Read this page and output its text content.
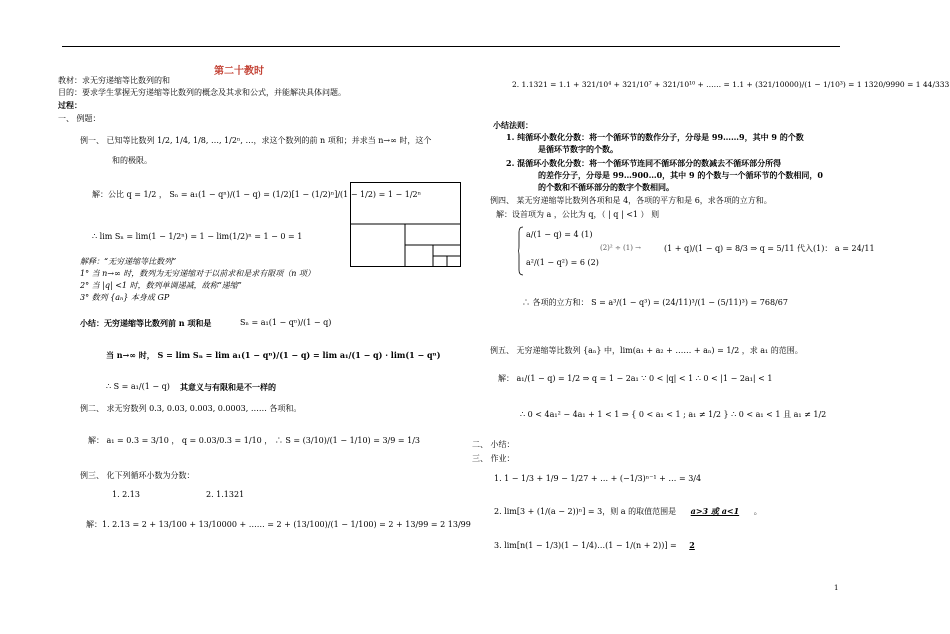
第二十教时
教材：求无穷递缩等比数列的和
目的：要求学生掌握无穷递缩等比数列的概念及其求和公式，并能解决具体问题。
过程：
一、 例题：
例一、 已知等比数列 1/2, 1/4, 1/8, …, 1/2ⁿ, …，求这个数列的前 n 项和；并求当 n→∞ 时，这个
和的极限。
解：公比 q = 1/2 ， Sₙ = a₁(1 − qⁿ)/(1 − q) = (1/2)[1 − (1/2)ⁿ]/(1 − 1/2) = 1 − 1/2ⁿ
∴ lim Sₙ = lim(1 − 1/2ⁿ) = 1 − lim(1/2)ⁿ = 1 − 0 = 1
解释：“无穷递缩等比数列”
1° 当 n→∞ 时，数列为无穷递缩对于以前求和是求有限项（n 项）
2° 当 |q| <1 时，数列单调递减，故称“递缩”
3° 数列 {aₙ} 本身成 GP
小结：无穷递缩等比数列前 n 项和是	Sₙ = a₁(1 − qⁿ)/(1 − q)
当 n→∞ 时， S = lim Sₙ = lim a₁(1 − qⁿ)/(1 − q) = lim a₁/(1 − q) · lim(1 − qⁿ)
∴ S = a₁/(1 − q) 其意义与有限和是不一样的
例二、 求无穷数列 0.3, 0.03, 0.003, 0.0003, …… 各项和。
解： a₁ = 0.3 = 3/10 ， q = 0.03/0.3 = 1/10 ， ∴ S = (3/10)/(1 − 1/10) = 3/9 = 1/3
例三、 化下列循环小数为分数：
1. 2.13	2. 1.1321
解：1. 2.13 = 2 + 13/100 + 13/10000 + …… = 2 + (13/100)/(1 − 1/100) = 2 + 13/99 = 2 13/99
2. 1.1321 = 1.1 + 321/10⁴ + 321/10⁷ + 321/10¹⁰ + …… = 1.1 + (321/10000)/(1 − 1/10³) = 1 1320/9990 = 1 44/333
小结法则：
1. 纯循环小数化分数：将一个循环节的数作分子，分母是 99……9，其中 9 的个数
是循环节数字的个数。
2. 混循环小数化分数：将一个循环节连同不循环部分的数减去不循环部分所得
的差作分子，分母是 99…900…0，其中 9 的个数与一个循环节的个数相同，0
的个数和不循环部分的数字个数相同。
例四、 某无穷递缩等比数列各项和是 4，各项的平方和是 6，求各项的立方和。
解：设首项为 a ，公比为 q，（ | q | <1 ） 则
a/(1 − q) = 4 (1)
a²/(1 − q²) = 6 (2)
(2)² ÷ (1) →	(1 + q)/(1 − q) = 8/3 ⇒ q = 5/11 代入(1)： a = 24/11
∴ 各项的立方和： S = a³/(1 − q³) = (24/11)³/(1 − (5/11)³) = 768/67
例五、 无穷递缩等比数列 {aₙ} 中，lim(a₁ + a₂ + …… + aₙ) = 1/2 ，求 a₁ 的范围。
解： a₁/(1 − q) = 1/2 ⇒ q = 1 − 2a₁ ∵ 0 < |q| < 1 ∴ 0 < |1 − 2a₁| < 1
∴ 0 < 4a₁² − 4a₁ + 1 < 1 ⇒ { 0 < a₁ < 1 ; a₁ ≠ 1/2 } ∴ 0 < a₁ < 1 且 a₁ ≠ 1/2
二、 小结：
三、 作业：
1. 1 − 1/3 + 1/9 − 1/27 + … + (−1/3)ⁿ⁻¹ + … = 3/4
2. lim[3 + (1/(a − 2))ⁿ] = 3，则 a 的取值范围是 a>3 或 a<1 。
3. lim[n(1 − 1/3)(1 − 1/4)…(1 − 1/(n + 2))] = 2
1
